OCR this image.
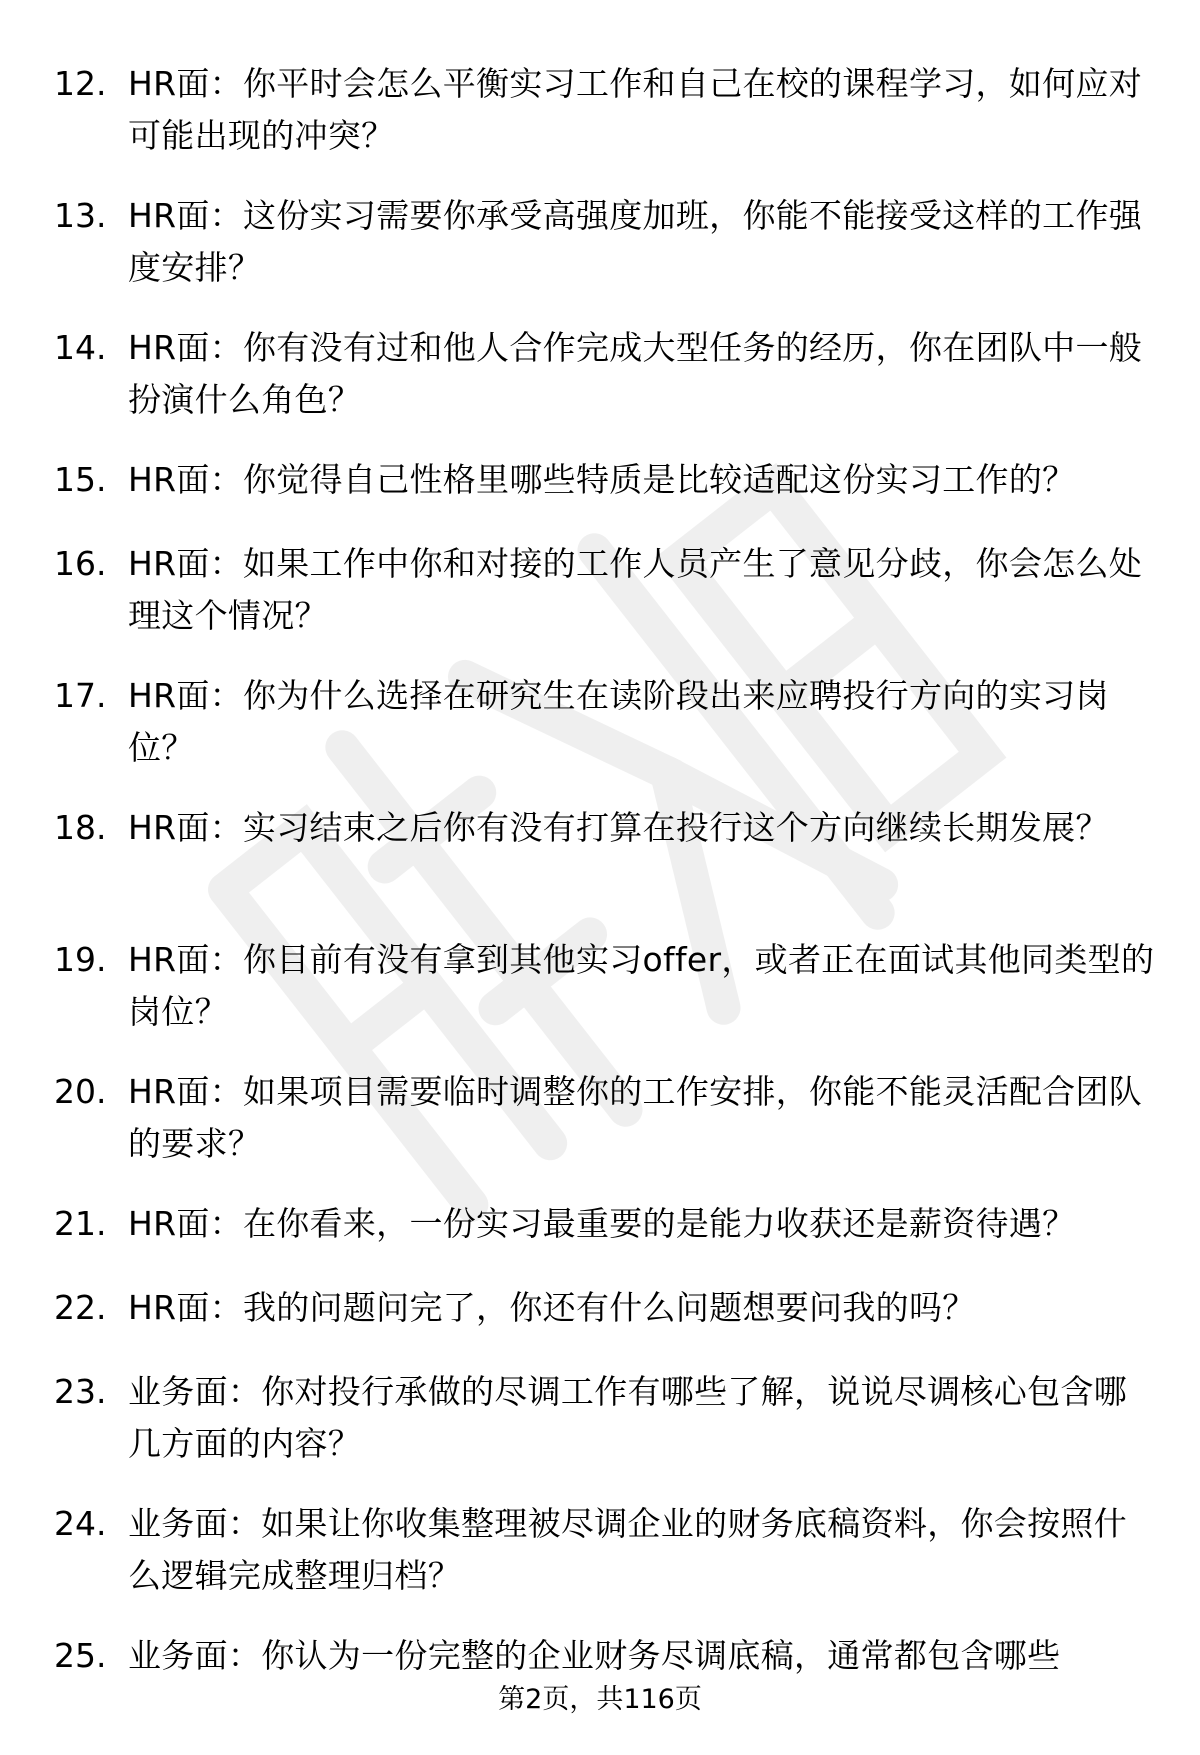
12. HR面：你平时会怎么平衡实习工作和自己在校的课程学习，如何应对可能出现的冲突？
13. HR面：这份实习需要你承受高强度加班，你能不能接受这样的工作强度安排？
14. HR面：你有没有过和他人合作完成大型任务的经历，你在团队中一般扮演什么角色？
15. HR面：你觉得自己性格里哪些特质是比较适配这份实习工作的？
16. HR面：如果工作中你和对接的工作人员产生了意见分歧，你会怎么处理这个情况？
17. HR面：你为什么选择在研究生在读阶段出来应聘投行方向的实习岗位？
18. HR面：实习结束之后你有没有打算在投行这个方向继续长期发展？
19. HR面：你目前有没有拿到其他实习offer，或者正在面试其他同类型的岗位？
20. HR面：如果项目需要临时调整你的工作安排，你能不能灵活配合团队的要求？
21. HR面：在你看来，一份实习最重要的是能力收获还是薪资待遇？
22. HR面：我的问题问完了，你还有什么问题想要问我的吗？
23. 业务面：你对投行承做的尽调工作有哪些了解，说说尽调核心包含哪几方面的内容？
24. 业务面：如果让你收集整理被尽调企业的财务底稿资料，你会按照什么逻辑完成整理归档？
25. 业务面：你认为一份完整的企业财务尽调底稿，通常都包含哪些
第2页，共116页
